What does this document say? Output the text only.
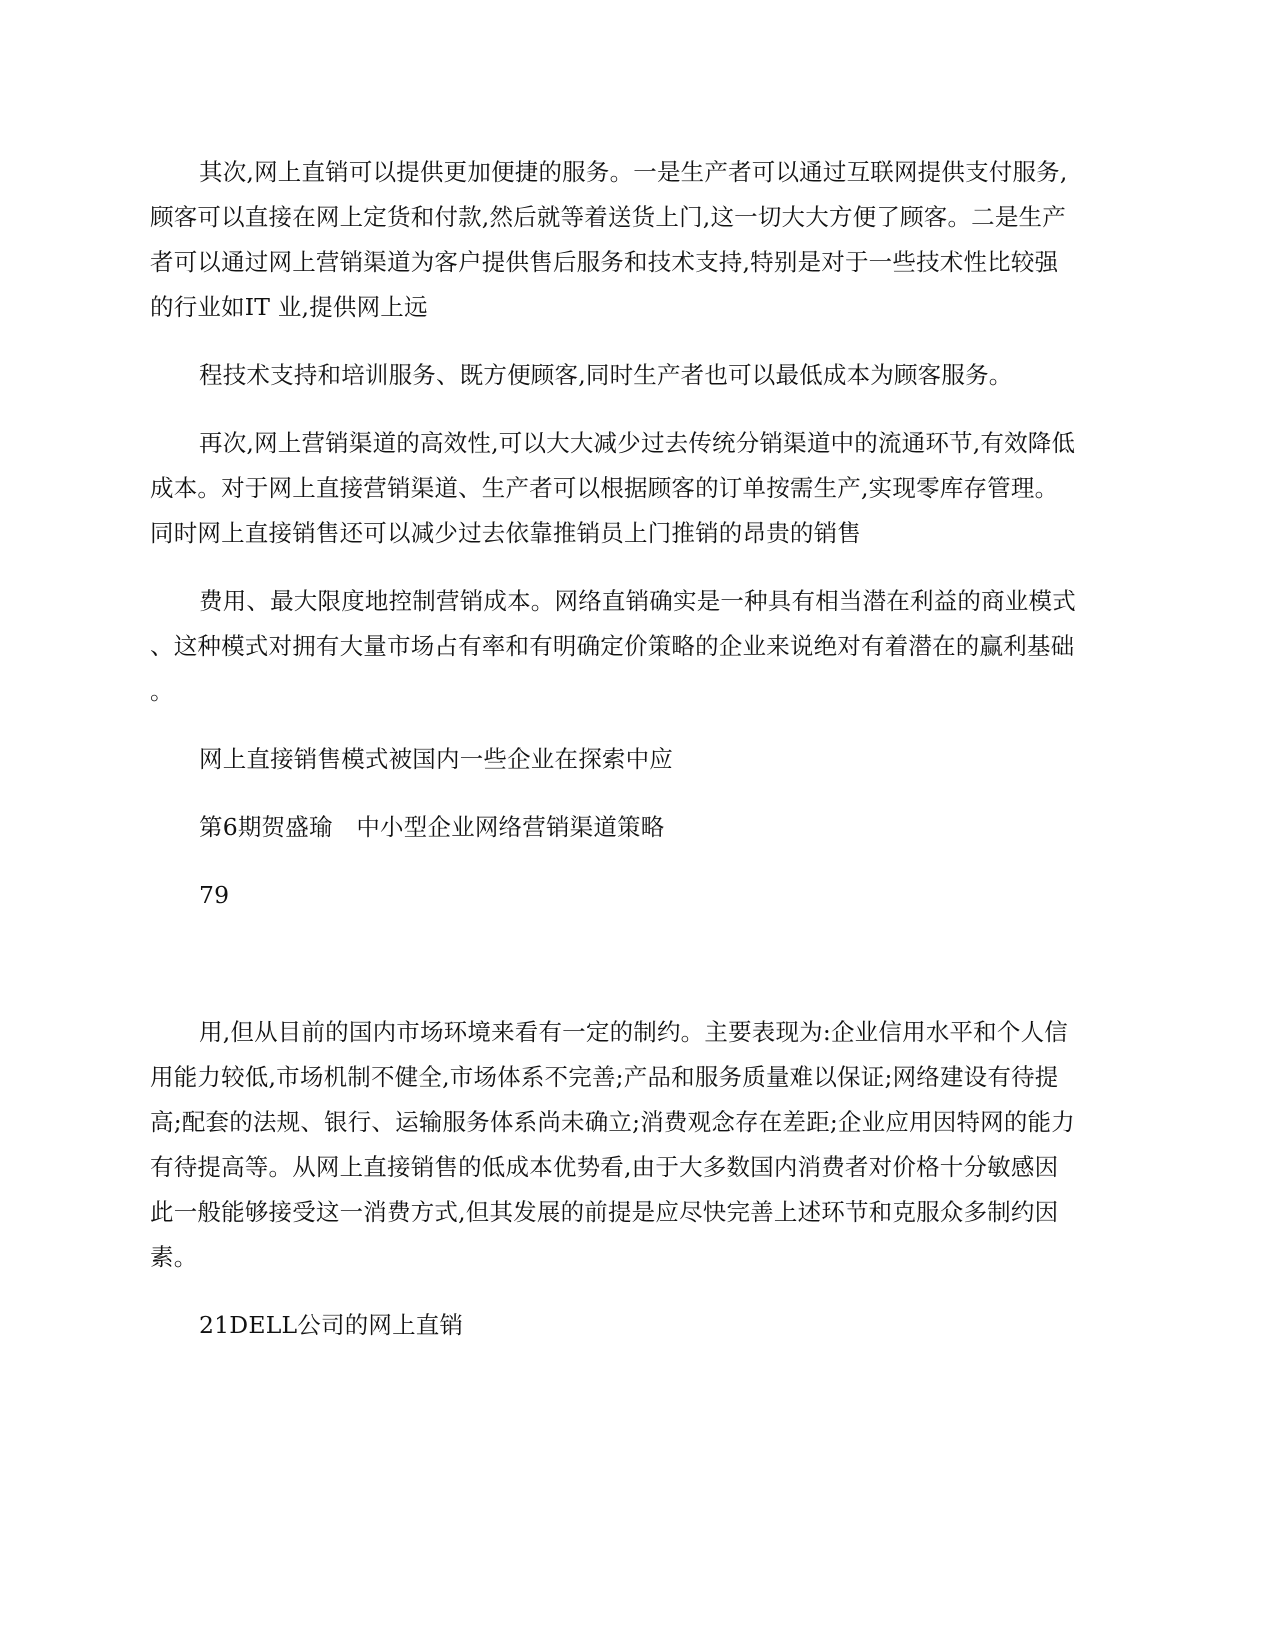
其次,网上直销可以提供更加便捷的服务。一是生产者可以通过互联网提供支付服务,
顾客可以直接在网上定货和付款,然后就等着送货上门,这一切大大方便了顾客。二是生产
者可以通过网上营销渠道为客户提供售后服务和技术支持,特别是对于一些技术性比较强
的行业如IT 业,提供网上远
程技术支持和培训服务、既方便顾客,同时生产者也可以最低成本为顾客服务。
再次,网上营销渠道的高效性,可以大大减少过去传统分销渠道中的流通环节,有效降低
成本。对于网上直接营销渠道、生产者可以根据顾客的订单按需生产,实现零库存管理。
同时网上直接销售还可以减少过去依靠推销员上门推销的昂贵的销售
费用、最大限度地控制营销成本。网络直销确实是一种具有相当潜在利益的商业模式
、这种模式对拥有大量市场占有率和有明确定价策略的企业来说绝对有着潜在的赢利基础
。
网上直接销售模式被国内一些企业在探索中应
第6期贺盛瑜　中小型企业网络营销渠道策略
79
用,但从目前的国内市场环境来看有一定的制约。主要表现为:企业信用水平和个人信
用能力较低,市场机制不健全,市场体系不完善;产品和服务质量难以保证;网络建设有待提
高;配套的法规、银行、运输服务体系尚未确立;消费观念存在差距;企业应用因特网的能力
有待提高等。从网上直接销售的低成本优势看,由于大多数国内消费者对价格十分敏感因
此一般能够接受这一消费方式,但其发展的前提是应尽快完善上述环节和克服众多制约因
素。
21DELL公司的网上直销
